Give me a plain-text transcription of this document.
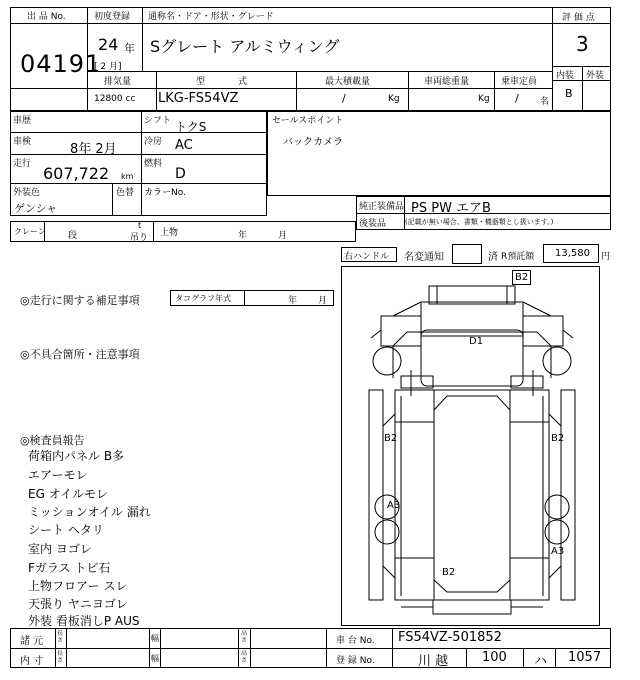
出 品 No.
04191
初度登録 通称名・ドア・形状・グレード
24 年
[ 2 月]
Sグレート アルミウィング
評 価 点
3
内装 外装
B
排気量	型 式	最大積載量	車両総重量	乗車定員
12800 cc LKG-FS54VZ	/	Kg	Kg / 名
車歴	シフト トクS
車検	8年 2月	冷房 AC
走行 607,722 km
燃料
D
外装色
ゲンシャ
色替 カラーNo.
セールスポイント
バックカメラ
純正装備品 PS PW エアB
後装品	(記載が無い場合、書類・機器類とし扱います。)
クレーン 段
t
吊り 上物	年	月
右ハンドル 名変通知	済 R預託額 13,580 円
◎走行に関する補足事項	タコグラフ年式	年 月
◎不具合箇所・注意事項
◎検査員報告
荷箱内パネル B多
エアーモレ
EG オイルモレ
ミッションオイル 漏れ
シート ヘタリ
室内 ヨゴレ
Fガラス トビ石
上物フロアー スレ
天張り ヤニヨゴレ
外装 看板消しP AUS
B2
D1
B2	B2
A3
A3
B2
諸 元
内 寸
長さ
長さ
幅
幅
高さ
高さ
車 台 No. FS54VZ-501852
登 録 No.	川 越	100 ハ 1057
